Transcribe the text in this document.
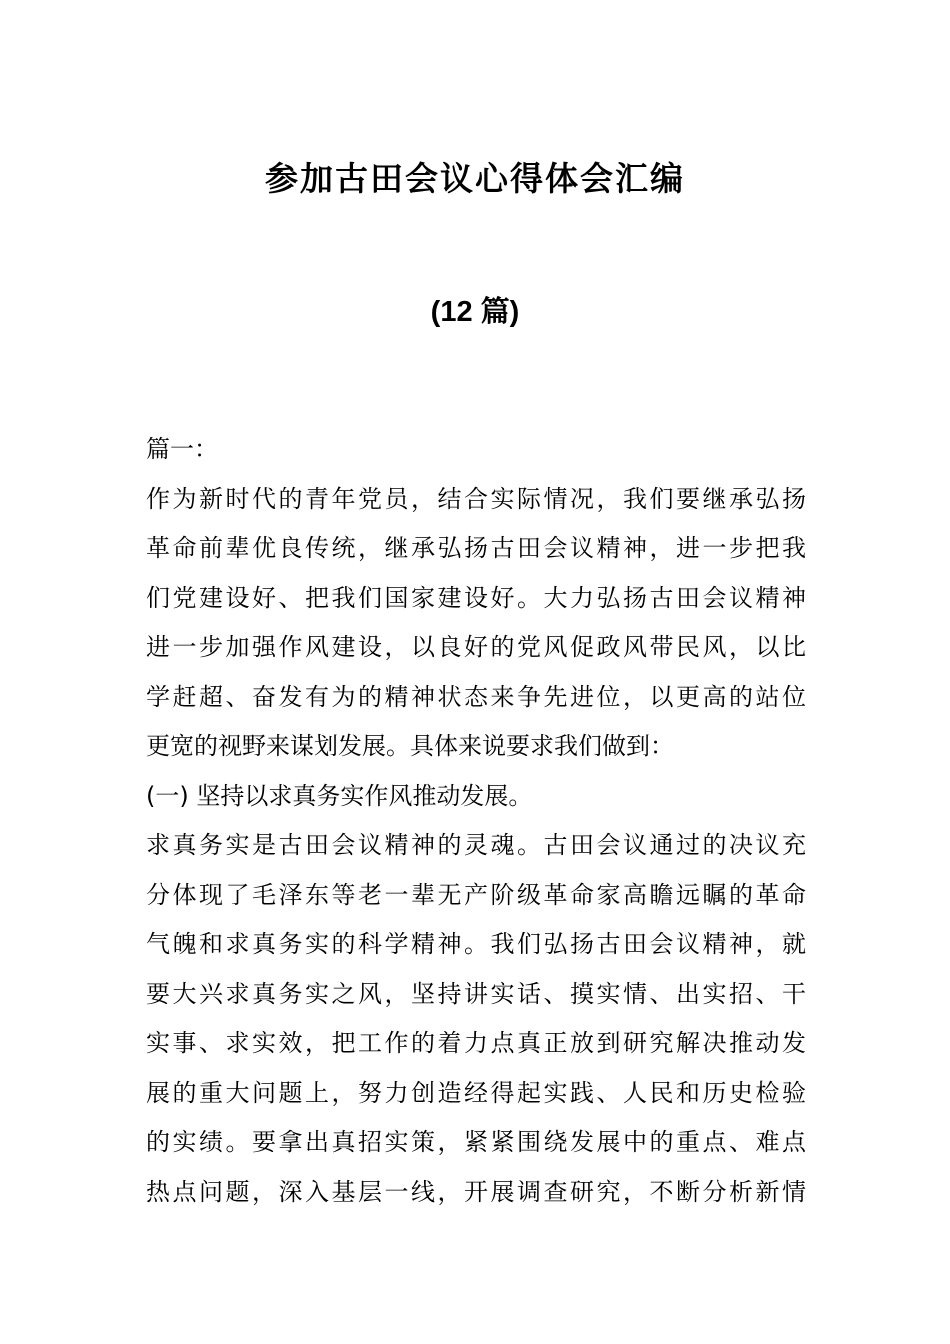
参加古田会议心得体会汇编
(12 篇)
篇一：
作为新时代的青年党员，结合实际情况，我们要继承弘扬
革命前辈优良传统，继承弘扬古田会议精神，进一步把我
们党建设好、把我们国家建设好。大力弘扬古田会议精神
进一步加强作风建设，以良好的党风促政风带民风，以比
学赶超、奋发有为的精神状态来争先进位，以更高的站位
更宽的视野来谋划发展。具体来说要求我们做到：
(一) 坚持以求真务实作风推动发展。
求真务实是古田会议精神的灵魂。古田会议通过的决议充
分体现了毛泽东等老一辈无产阶级革命家高瞻远瞩的革命
气魄和求真务实的科学精神。我们弘扬古田会议精神，就
要大兴求真务实之风，坚持讲实话、摸实情、出实招、干
实事、求实效，把工作的着力点真正放到研究解决推动发
展的重大问题上，努力创造经得起实践、人民和历史检验
的实绩。要拿出真招实策，紧紧围绕发展中的重点、难点
热点问题，深入基层一线，开展调查研究，不断分析新情
